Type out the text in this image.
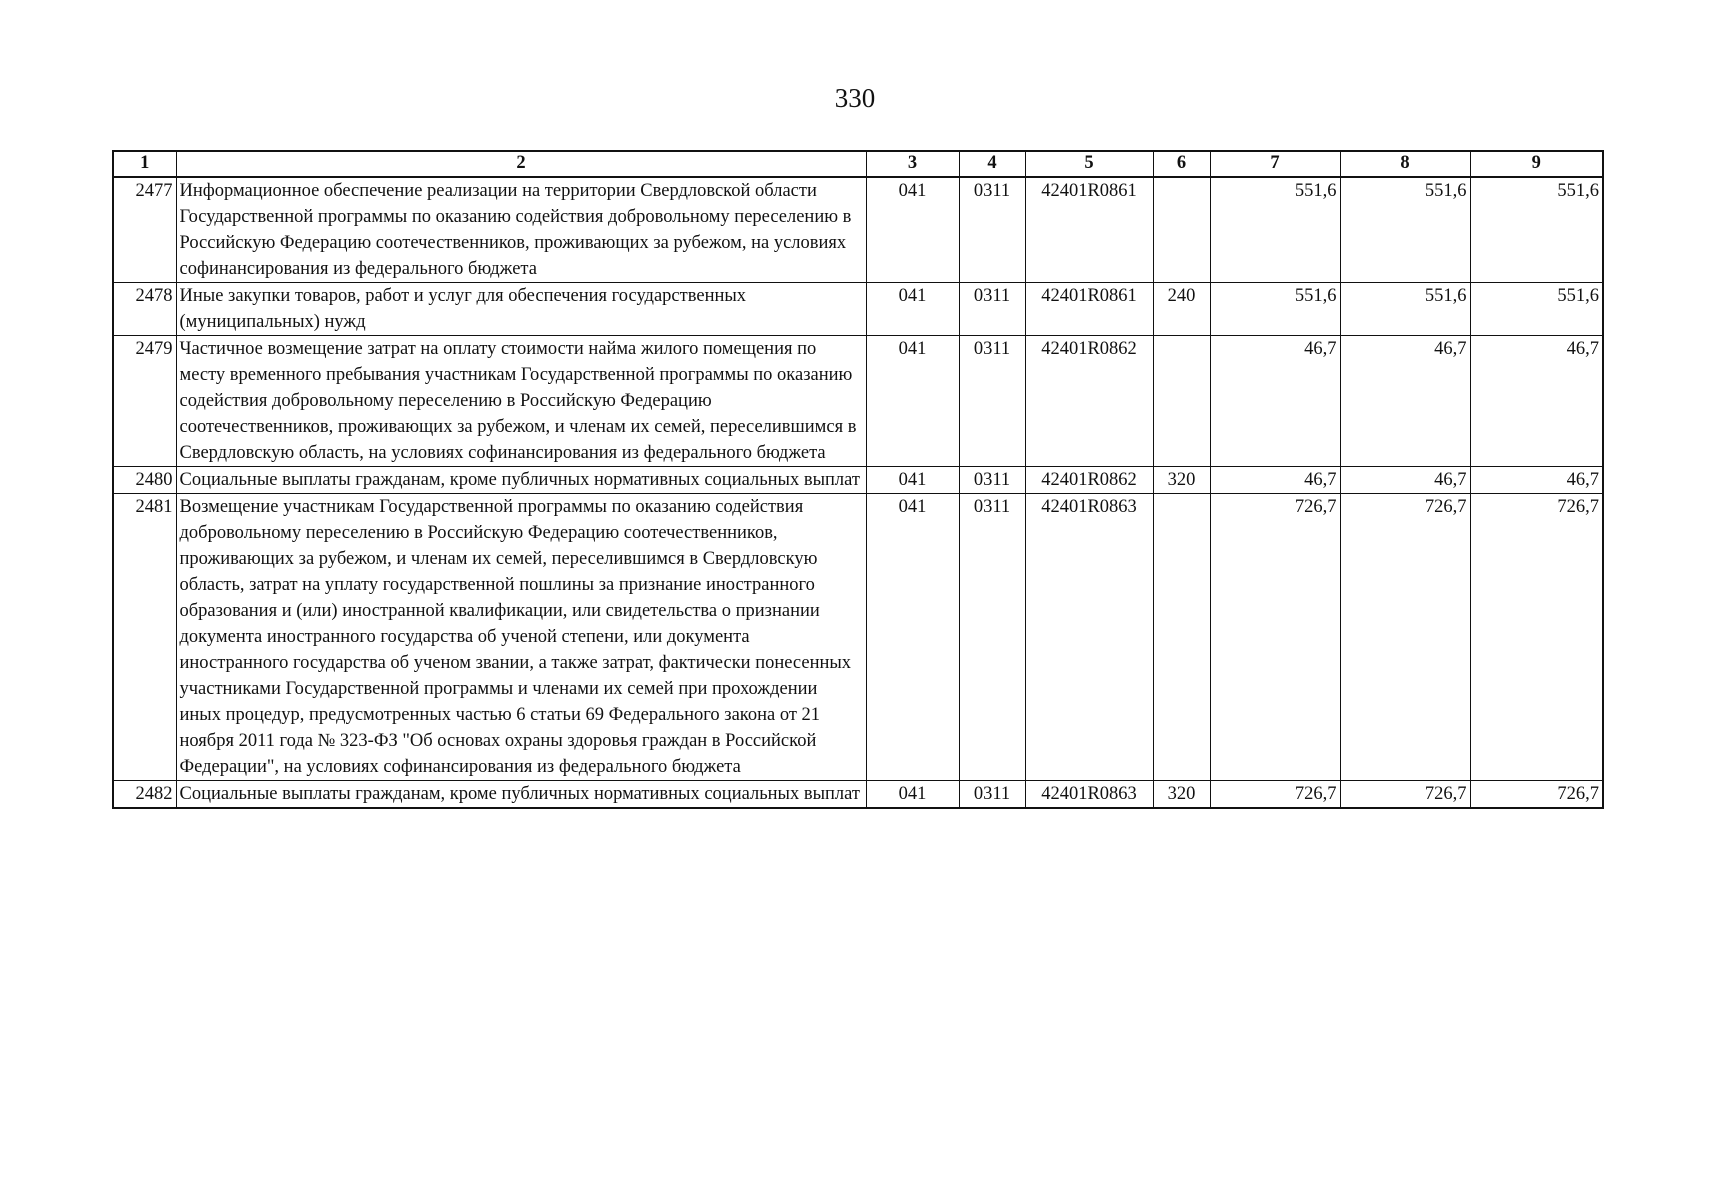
330
1	2	3	4	5	6	7	8	9
2477	Информационное обеспечение реализации на территории Свердловской области Государственной программы по оказанию содействия добровольному переселению в Российскую Федерацию соотечественников, проживающих за рубежом, на условиях софинансирования из федерального бюджета	041	0311	42401R0861		551,6	551,6	551,6
2478	Иные закупки товаров, работ и услуг для обеспечения государственных (муниципальных) нужд	041	0311	42401R0861	240	551,6	551,6	551,6
2479	Частичное возмещение затрат на оплату стоимости найма жилого помещения по месту временного пребывания участникам Государственной программы по оказанию содействия добровольному переселению в Российскую Федерацию соотечественников, проживающих за рубежом, и членам их семей, переселившимся в Свердловскую область, на условиях софинансирования из федерального бюджета	041	0311	42401R0862		46,7	46,7	46,7
2480	Социальные выплаты гражданам, кроме публичных нормативных социальных выплат	041	0311	42401R0862	320	46,7	46,7	46,7
2481	Возмещение участникам Государственной программы по оказанию содействия добровольному переселению в Российскую Федерацию соотечественников, проживающих за рубежом, и членам их семей, переселившимся в Свердловскую область, затрат на уплату государственной пошлины за признание иностранного образования и (или) иностранной квалификации, или свидетельства о признании документа иностранного государства об ученой степени, или документа иностранного государства об ученом звании, а также затрат, фактически понесенных участниками Государственной программы и членами их семей при прохождении иных процедур, предусмотренных частью 6 статьи 69 Федерального закона от 21 ноября 2011 года № 323-ФЗ "Об основах охраны здоровья граждан в Российской Федерации", на условиях софинансирования из федерального бюджета	041	0311	42401R0863		726,7	726,7	726,7
2482	Социальные выплаты гражданам, кроме публичных нормативных социальных выплат	041	0311	42401R0863	320	726,7	726,7	726,7
